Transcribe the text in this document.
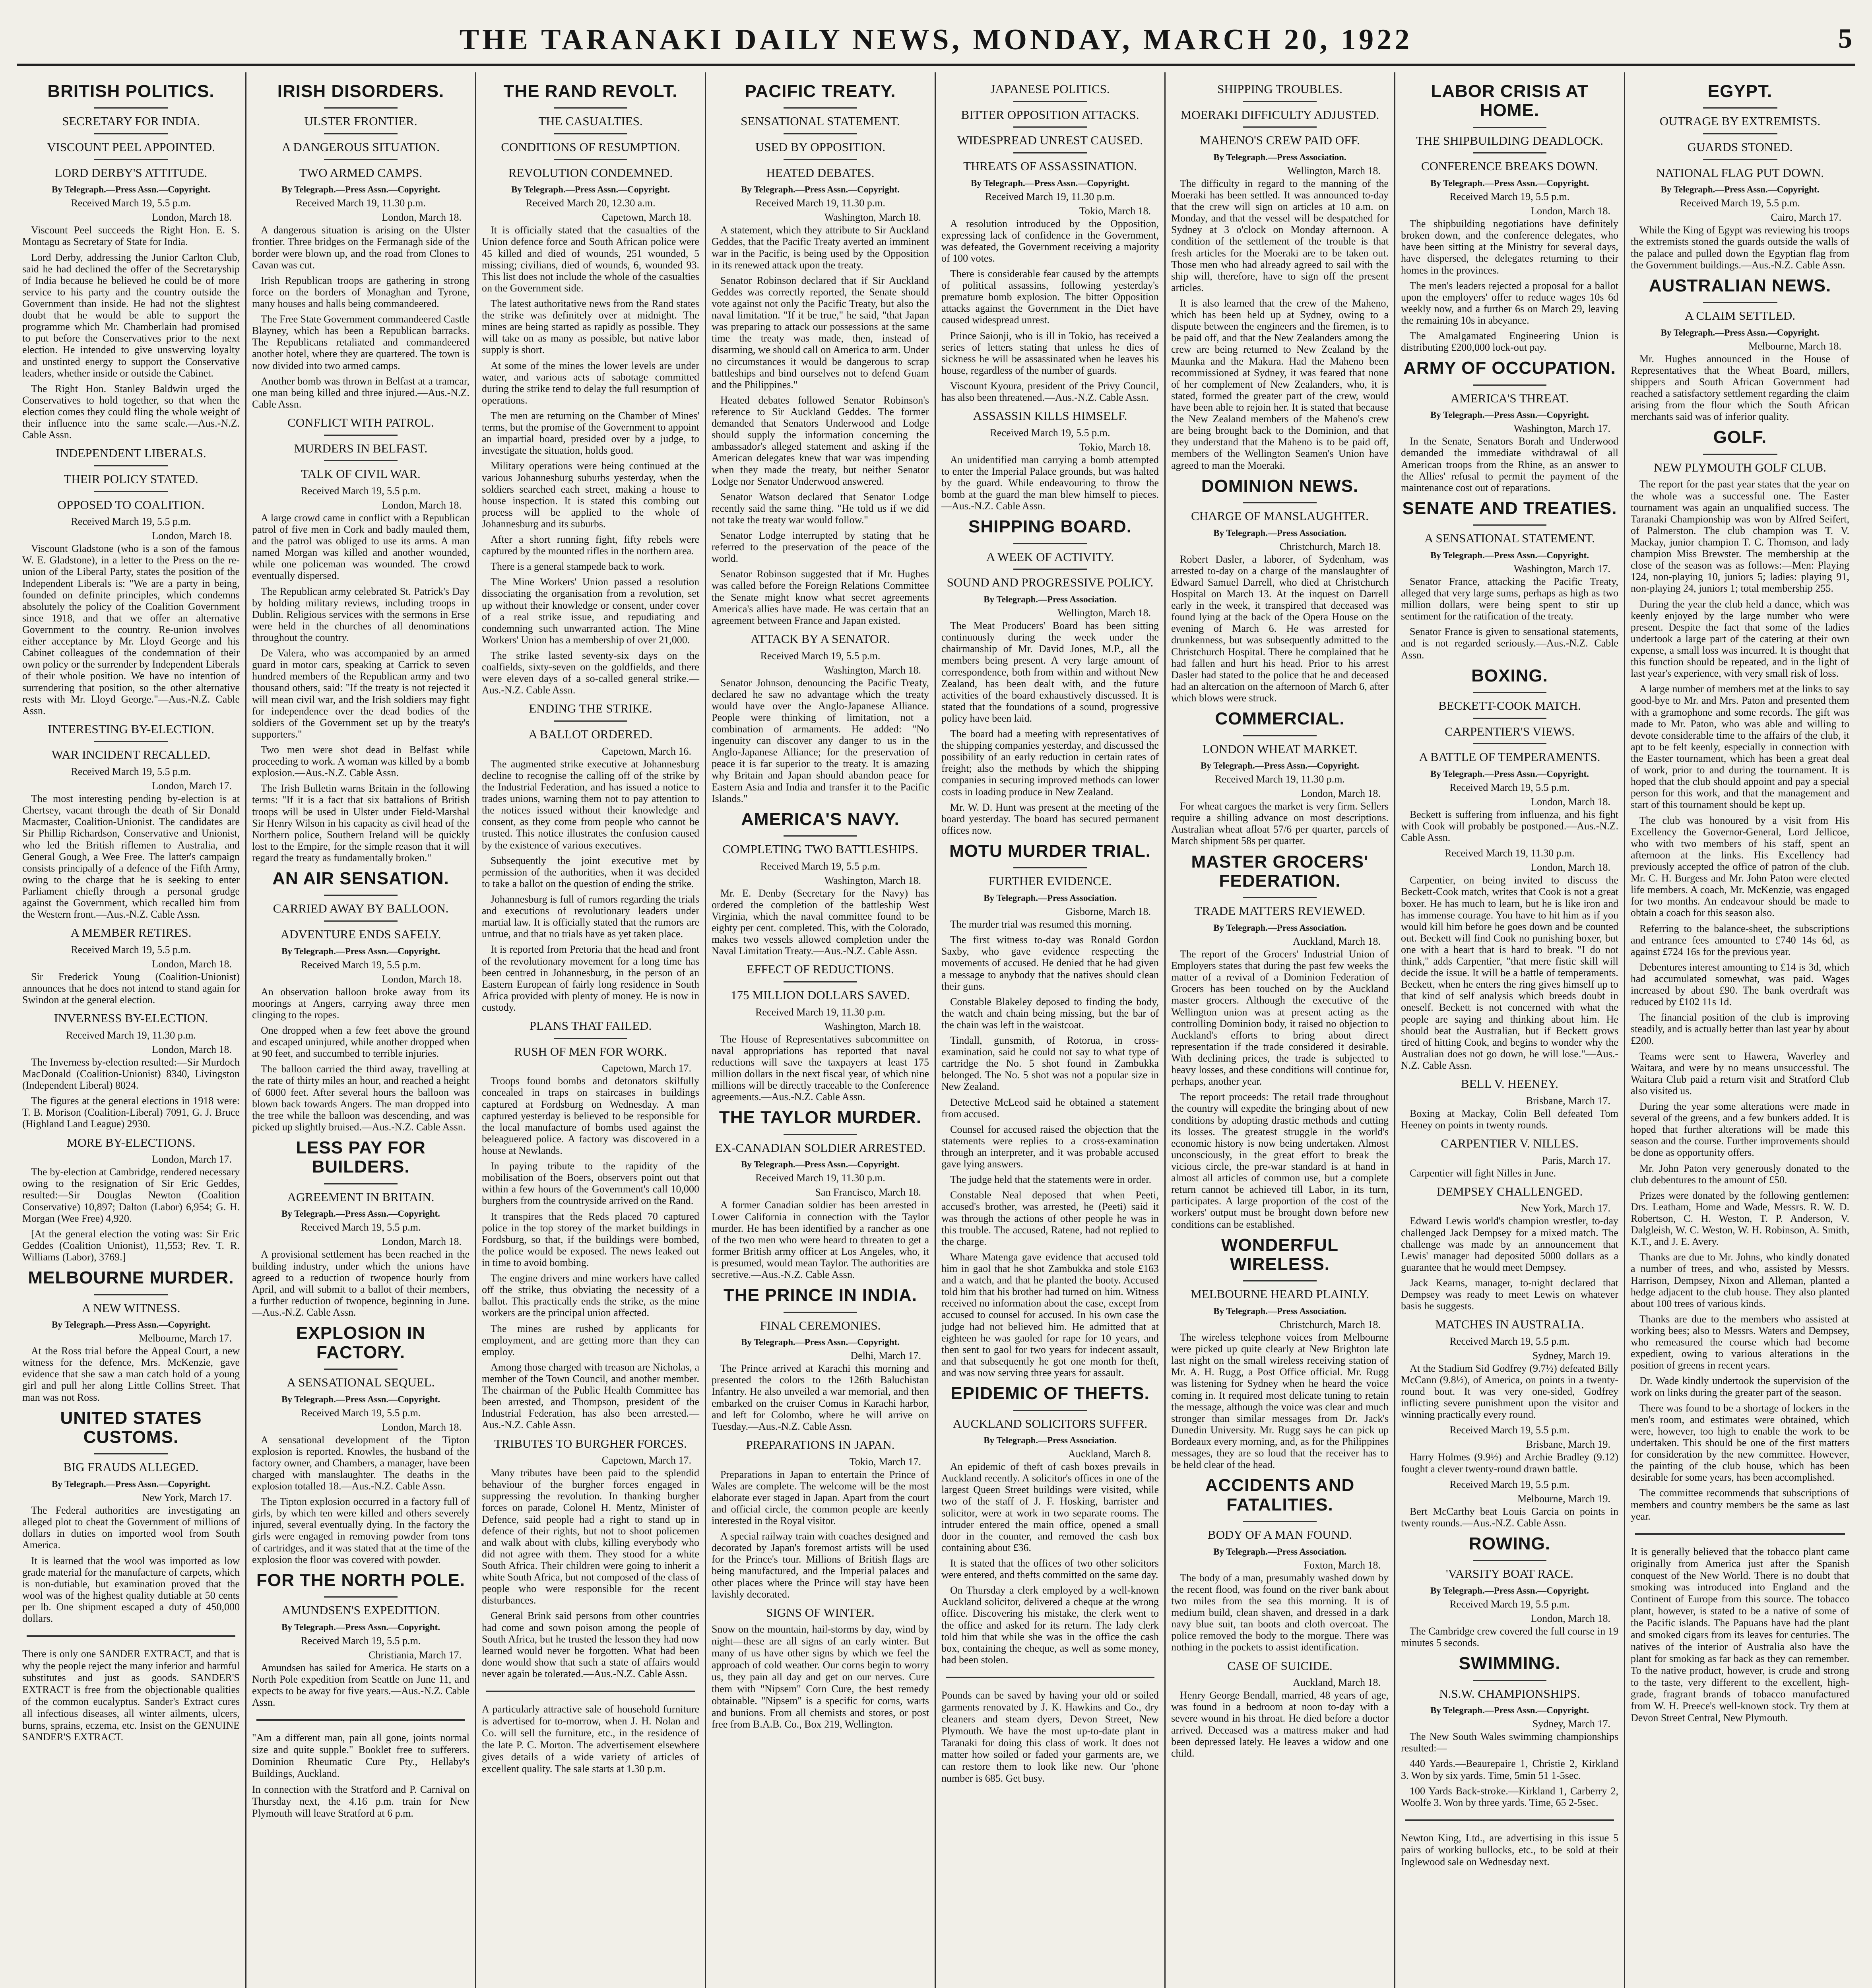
THE TARANAKI DAILY NEWS, MONDAY, MARCH 20, 1922	5
BRITISH POLITICS.
SECRETARY FOR INDIA.
VISCOUNT PEEL APPOINTED.
LORD DERBY'S ATTITUDE.
By Telegraph.—Press Assn.—Copyright.
Received March 19, 5.5 p.m.
London, March 18.

Viscount Peel succeeds the Right Hon. E. S. Montagu as Secretary of State for India.

Lord Derby, addressing the Junior Carlton Club, said he had declined the offer of the Secretaryship of India because he believed he could be of more service to his party and the country outside the Government than inside. He had not the slightest doubt that he would be able to support the programme which Mr. Chamberlain had promised to put before the Conservatives prior to the next election. He intended to give unswerving loyalty and unstinted energy to support the Conservative leaders, whether inside or outside the Cabinet.

The Right Hon. Stanley Baldwin urged the Conservatives to hold together, so that when the election comes they could fling the whole weight of their influence into the same scale.—Aus.-N.Z. Cable Assn.

INDEPENDENT LIBERALS.
THEIR POLICY STATED.
OPPOSED TO COALITION.
Received March 19, 5.5 p.m.
London, March 18.

Viscount Gladstone (who is a son of the famous W. E. Gladstone), in a letter to the Press on the re-union of the Liberal Party, states the position of the Independent Liberals is: "We are a party in being, founded on definite principles, which condemns absolutely the policy of the Coalition Government since 1918, and that we offer an alternative Government to the country. Re-union involves either acceptance by Mr. Lloyd George and his Cabinet colleagues of the condemnation of their own policy or the surrender by Independent Liberals of their whole position. We have no intention of surrendering that position, so the other alternative rests with Mr. Lloyd George."—Aus.-N.Z. Cable Assn.

INTERESTING BY-ELECTION.
WAR INCIDENT RECALLED.
Received March 19, 5.5 p.m.
London, March 17.

The most interesting pending by-election is at Chertsey, vacant through the death of Sir Donald Macmaster, Coalition-Unionist. The candidates are Sir Phillip Richardson, Conservative and Unionist, who led the British riflemen to Australia, and General Gough, a Wee Free. The latter's campaign consists principally of a defence of the Fifth Army, owing to the charge that he is seeking to enter Parliament chiefly through a personal grudge against the Government, which recalled him from the Western front.—Aus.-N.Z. Cable Assn.

A MEMBER RETIRES.
Received March 19, 5.5 p.m.
London, March 18.

Sir Frederick Young (Coalition-Unionist) announces that he does not intend to stand again for Swindon at the general election.

INVERNESS BY-ELECTION.
Received March 19, 11.30 p.m.
London, March 18.

The Inverness by-election resulted:—Sir Murdoch MacDonald (Coalition-Unionist) 8340, Livingston (Independent Liberal) 8024.

The figures at the general elections in 1918 were: T. B. Morison (Coalition-Liberal) 7091, G. J. Bruce (Highland Land League) 2930.

MORE BY-ELECTIONS.
London, March 17.

The by-election at Cambridge, rendered necessary owing to the resignation of Sir Eric Geddes, resulted:—Sir Douglas Newton (Coalition Conservative) 10,897; Dalton (Labor) 6,954; G. H. Morgan (Wee Free) 4,920.

[At the general election the voting was: Sir Eric Geddes (Coalition Unionist), 11,553; Rev. T. R. Williams (Labor), 3769.]

MELBOURNE MURDER.
A NEW WITNESS.
By Telegraph.—Press Assn.—Copyright.
Melbourne, March 17.

At the Ross trial before the Appeal Court, a new witness for the defence, Mrs. McKenzie, gave evidence that she saw a man catch hold of a young girl and pull her along Little Collins Street. That man was not Ross.

UNITED STATES CUSTOMS.
BIG FRAUDS ALLEGED.
By Telegraph.—Press Assn.—Copyright.
New York, March 17.

The Federal authorities are investigating an alleged plot to cheat the Government of millions of dollars in duties on imported wool from South America.

It is learned that the wool was imported as low grade material for the manufacture of carpets, which is non-dutiable, but examination proved that the wool was of the highest quality dutiable at 50 cents per lb. One shipment escaped a duty of 450,000 dollars.

There is only one SANDER EXTRACT, and that is why the people reject the many inferior and harmful substitutes and just as goods. SANDER'S EXTRACT is free from the objectionable qualities of the common eucalyptus. Sander's Extract cures all infectious diseases, all winter ailments, ulcers, burns, sprains, eczema, etc. Insist on the GENUINE SANDER'S EXTRACT.

IRISH DISORDERS.
ULSTER FRONTIER.
A DANGEROUS SITUATION.
TWO ARMED CAMPS.
By Telegraph.—Press Assn.—Copyright.
Received March 19, 11.30 p.m.
London, March 18.

A dangerous situation is arising on the Ulster frontier. Three bridges on the Fermanagh side of the border were blown up, and the road from Clones to Cavan was cut.

Irish Republican troops are gathering in strong force on the borders of Monaghan and Tyrone, many houses and halls being commandeered.

The Free State Government commandeered Castle Blayney, which has been a Republican barracks. The Republicans retaliated and commandeered another hotel, where they are quartered. The town is now divided into two armed camps.

Another bomb was thrown in Belfast at a tramcar, one man being killed and three injured.—Aus.-N.Z. Cable Assn.

CONFLICT WITH PATROL.
MURDERS IN BELFAST.
TALK OF CIVIL WAR.
Received March 19, 5.5 p.m.
London, March 18.

A large crowd came in conflict with a Republican patrol of five men in Cork and badly mauled them, and the patrol was obliged to use its arms. A man named Morgan was killed and another wounded, while one policeman was wounded. The crowd eventually dispersed.

The Republican army celebrated St. Patrick's Day by holding military reviews, including troops in Dublin. Religious services with the sermons in Erse were held in the churches of all denominations throughout the country.

De Valera, who was accompanied by an armed guard in motor cars, speaking at Carrick to seven hundred members of the Republican army and two thousand others, said: "If the treaty is not rejected it will mean civil war, and the Irish soldiers may fight for independence over the dead bodies of the soldiers of the Government set up by the treaty's supporters."

Two men were shot dead in Belfast while proceeding to work. A woman was killed by a bomb explosion.—Aus.-N.Z. Cable Assn.

The Irish Bulletin warns Britain in the following terms: "If it is a fact that six battalions of British troops will be used in Ulster under Field-Marshal Sir Henry Wilson in his capacity as civil head of the Northern police, Southern Ireland will be quickly lost to the Empire, for the simple reason that it will regard the treaty as fundamentally broken."

AN AIR SENSATION.
CARRIED AWAY BY BALLOON.
ADVENTURE ENDS SAFELY.
By Telegraph.—Press Assn.—Copyright.
Received March 19, 5.5 p.m.
London, March 18.

An observation balloon broke away from its moorings at Angers, carrying away three men clinging to the ropes.

One dropped when a few feet above the ground and escaped uninjured, while another dropped when at 90 feet, and succumbed to terrible injuries.

The balloon carried the third away, travelling at the rate of thirty miles an hour, and reached a height of 6000 feet. After several hours the balloon was blown back towards Angers. The man dropped into the tree while the balloon was descending, and was picked up slightly bruised.—Aus.-N.Z. Cable Assn.

LESS PAY FOR BUILDERS.
AGREEMENT IN BRITAIN.
By Telegraph.—Press Assn.—Copyright.
Received March 19, 5.5 p.m.
London, March 18.

A provisional settlement has been reached in the building industry, under which the unions have agreed to a reduction of twopence hourly from April, and will submit to a ballot of their members, a further reduction of twopence, beginning in June.—Aus.-N.Z. Cable Assn.

EXPLOSION IN FACTORY.
A SENSATIONAL SEQUEL.
By Telegraph.—Press Assn.—Copyright.
Received March 19, 5.5 p.m.
London, March 18.

A sensational development of the Tipton explosion is reported. Knowles, the husband of the factory owner, and Chambers, a manager, have been charged with manslaughter. The deaths in the explosion totalled 18.—Aus.-N.Z. Cable Assn.

The Tipton explosion occurred in a factory full of girls, by which ten were killed and others severely injured, several eventually dying. In the factory the girls were engaged in removing powder from tons of cartridges, and it was stated that at the time of the explosion the floor was covered with powder.

FOR THE NORTH POLE.
AMUNDSEN'S EXPEDITION.
By Telegraph.—Press Assn.—Copyright.
Received March 19, 5.5 p.m.
Christiania, March 17.

Amundsen has sailed for America. He starts on a North Pole expedition from Seattle on June 11, and expects to be away for five years.—Aus.-N.Z. Cable Assn.

"Am a different man, pain all gone, joints normal size and quite supple." Booklet free to sufferers. Dominion Rheumatic Cure Pty., Hellaby's Buildings, Auckland.

In connection with the Stratford and P. Carnival on Thursday next, the 4.16 p.m. train for New Plymouth will leave Stratford at 6 p.m.

THE RAND REVOLT.
THE CASUALTIES.
CONDITIONS OF RESUMPTION.
REVOLUTION CONDEMNED.
By Telegraph.—Press Assn.—Copyright.
Received March 20, 12.30 a.m.
Capetown, March 18.

It is officially stated that the casualties of the Union defence force and South African police were 45 killed and died of wounds, 251 wounded, 5 missing; civilians, died of wounds, 6, wounded 93. This list does not include the whole of the casualties on the Government side.

The latest authoritative news from the Rand states the strike was definitely over at midnight. The mines are being started as rapidly as possible. They will take on as many as possible, but native labor supply is short.

At some of the mines the lower levels are under water, and various acts of sabotage committed during the strike tend to delay the full resumption of operations.

The men are returning on the Chamber of Mines' terms, but the promise of the Government to appoint an impartial board, presided over by a judge, to investigate the situation, holds good.

Military operations were being continued at the various Johannesburg suburbs yesterday, when the soldiers searched each street, making a house to house inspection. It is stated this combing out process will be applied to the whole of Johannesburg and its suburbs.

After a short running fight, fifty rebels were captured by the mounted rifles in the northern area.

There is a general stampede back to work.

The Mine Workers' Union passed a resolution dissociating the organisation from a revolution, set up without their knowledge or consent, under cover of a real strike issue, and repudiating and condemning such unwarranted action. The Mine Workers' Union has a membership of over 21,000.

The strike lasted seventy-six days on the coalfields, sixty-seven on the goldfields, and there were eleven days of a so-called general strike.—Aus.-N.Z. Cable Assn.

ENDING THE STRIKE.
A BALLOT ORDERED.
Capetown, March 16.

The augmented strike executive at Johannesburg decline to recognise the calling off of the strike by the Industrial Federation, and has issued a notice to trades unions, warning them not to pay attention to the notices issued without their knowledge and consent, as they come from people who cannot be trusted. This notice illustrates the confusion caused by the existence of various executives.

Subsequently the joint executive met by permission of the authorities, when it was decided to take a ballot on the question of ending the strike.

Johannesburg is full of rumors regarding the trials and executions of revolutionary leaders under martial law. It is officially stated that the rumors are untrue, and that no trials have as yet taken place.

It is reported from Pretoria that the head and front of the revolutionary movement for a long time has been centred in Johannesburg, in the person of an Eastern European of fairly long residence in South Africa provided with plenty of money. He is now in custody.

PLANS THAT FAILED.
RUSH OF MEN FOR WORK.
Capetown, March 17.

Troops found bombs and detonators skilfully concealed in traps on staircases in buildings captured at Fordsburg on Wednesday. A man captured yesterday is believed to be responsible for the local manufacture of bombs used against the beleaguered police. A factory was discovered in a house at Newlands.

In paying tribute to the rapidity of the mobilisation of the Boers, observers point out that within a few hours of the Government's call 10,000 burghers from the countryside arrived on the Rand.

It transpires that the Reds placed 70 captured police in the top storey of the market buildings in Fordsburg, so that, if the buildings were bombed, the police would be exposed. The news leaked out in time to avoid bombing.

The engine drivers and mine workers have called off the strike, thus obviating the necessity of a ballot. This practically ends the strike, as the mine workers are the principal union affected.

The mines are rushed by applicants for employment, and are getting more than they can employ.

Among those charged with treason are Nicholas, a member of the Town Council, and another member. The chairman of the Public Health Committee has been arrested, and Thompson, president of the Industrial Federation, has also been arrested.—Aus.-N.Z. Cable Assn.

TRIBUTES TO BURGHER FORCES.
Capetown, March 17.

Many tributes have been paid to the splendid behaviour of the burgher forces engaged in suppressing the revolution. In thanking burgher forces on parade, Colonel H. Mentz, Minister of Defence, said people had a right to stand up in defence of their rights, but not to shoot policemen and walk about with clubs, killing everybody who did not agree with them. They stood for a white South Africa. Their children were going to inherit a white South Africa, but not composed of the class of people who were responsible for the recent disturbances.

General Brink said persons from other countries had come and sown poison among the people of South Africa, but he trusted the lesson they had now learned would never be forgotten. What had been done would show that such a state of affairs would never again be tolerated.—Aus.-N.Z. Cable Assn.

A particularly attractive sale of household furniture is advertised for to-morrow, when J. H. Nolan and Co. will sell the furniture, etc., in the residence of the late P. C. Morton. The advertisement elsewhere gives details of a wide variety of articles of excellent quality. The sale starts at 1.30 p.m.

PACIFIC TREATY.
SENSATIONAL STATEMENT.
USED BY OPPOSITION.
HEATED DEBATES.
By Telegraph.—Press Assn.—Copyright.
Received March 19, 11.30 p.m.
Washington, March 18.

A statement, which they attribute to Sir Auckland Geddes, that the Pacific Treaty averted an imminent war in the Pacific, is being used by the Opposition in its renewed attack upon the treaty.

Senator Robinson declared that if Sir Auckland Geddes was correctly reported, the Senate should vote against not only the Pacific Treaty, but also the naval limitation. "If it be true," he said, "that Japan was preparing to attack our possessions at the same time the treaty was made, then, instead of disarming, we should call on America to arm. Under no circumstances it would be dangerous to scrap battleships and bind ourselves not to defend Guam and the Philippines."

Heated debates followed Senator Robinson's reference to Sir Auckland Geddes. The former demanded that Senators Underwood and Lodge should supply the information concerning the ambassador's alleged statement and asking if the American delegates knew that war was impending when they made the treaty, but neither Senator Lodge nor Senator Underwood answered.

Senator Watson declared that Senator Lodge recently said the same thing. "He told us if we did not take the treaty war would follow."

Senator Lodge interrupted by stating that he referred to the preservation of the peace of the world.

Senator Robinson suggested that if Mr. Hughes was called before the Foreign Relations Committee the Senate might know what secret agreements America's allies have made. He was certain that an agreement between France and Japan existed.

ATTACK BY A SENATOR.
Received March 19, 5.5 p.m.
Washington, March 18.

Senator Johnson, denouncing the Pacific Treaty, declared he saw no advantage which the treaty would have over the Anglo-Japanese Alliance. People were thinking of limitation, not a combination of armaments. He added: "No ingenuity can discover any danger to us in the Anglo-Japanese Alliance; for the preservation of peace it is far superior to the treaty. It is amazing why Britain and Japan should abandon peace for Eastern Asia and India and transfer it to the Pacific Islands."

AMERICA'S NAVY.
COMPLETING TWO BATTLESHIPS.
Received March 19, 5.5 p.m.
Washington, March 18.

Mr. E. Denby (Secretary for the Navy) has ordered the completion of the battleship West Virginia, which the naval committee found to be eighty per cent. completed. This, with the Colorado, makes two vessels allowed completion under the Naval Limitation Treaty.—Aus.-N.Z. Cable Assn.

EFFECT OF REDUCTIONS.
175 MILLION DOLLARS SAVED.
Received March 19, 11.30 p.m.
Washington, March 18.

The House of Representatives subcommittee on naval appropriations has reported that naval reductions will save the taxpayers at least 175 million dollars in the next fiscal year, of which nine millions will be directly traceable to the Conference agreements.—Aus.-N.Z. Cable Assn.

THE TAYLOR MURDER.
EX-CANADIAN SOLDIER ARRESTED.
By Telegraph.—Press Assn.—Copyright.
Received March 19, 11.30 p.m.
San Francisco, March 18.

A former Canadian soldier has been arrested in Lower California in connection with the Taylor murder. He has been identified by a rancher as one of the two men who were heard to threaten to get a former British army officer at Los Angeles, who, it is presumed, would mean Taylor. The authorities are secretive.—Aus.-N.Z. Cable Assn.

THE PRINCE IN INDIA.
FINAL CEREMONIES.
By Telegraph.—Press Assn.—Copyright.
Delhi, March 17.

The Prince arrived at Karachi this morning and presented the colors to the 126th Baluchistan Infantry. He also unveiled a war memorial, and then embarked on the cruiser Comus in Karachi harbor, and left for Colombo, where he will arrive on Tuesday.—Aus.-N.Z. Cable Assn.

PREPARATIONS IN JAPAN.
Tokio, March 17.

Preparations in Japan to entertain the Prince of Wales are complete. The welcome will be the most elaborate ever staged in Japan. Apart from the court and official circle, the common people are keenly interested in the Royal visitor.

A special railway train with coaches designed and decorated by Japan's foremost artists will be used for the Prince's tour. Millions of British flags are being manufactured, and the Imperial palaces and other places where the Prince will stay have been lavishly decorated.

SIGNS OF WINTER.

Snow on the mountain, hail-storms by day, wind by night—these are all signs of an early winter. But many of us have other signs by which we feel the approach of cold weather. Our corns begin to worry us, they pain all day and get on our nerves. Cure them with "Nipsem" Corn Cure, the best remedy obtainable. "Nipsem" is a specific for corns, warts and bunions. From all chemists and stores, or post free from B.A.B. Co., Box 219, Wellington.

JAPANESE POLITICS.
BITTER OPPOSITION ATTACKS.
WIDESPREAD UNREST CAUSED.
THREATS OF ASSASSINATION.
By Telegraph.—Press Assn.—Copyright.
Received March 19, 11.30 p.m.
Tokio, March 18.

A resolution introduced by the Opposition, expressing lack of confidence in the Government, was defeated, the Government receiving a majority of 100 votes.

There is considerable fear caused by the attempts of political assassins, following yesterday's premature bomb explosion. The bitter Opposition attacks against the Government in the Diet have caused widespread unrest.

Prince Saionji, who is ill in Tokio, has received a series of letters stating that unless he dies of sickness he will be assassinated when he leaves his house, regardless of the number of guards.

Viscount Kyoura, president of the Privy Council, has also been threatened.—Aus.-N.Z. Cable Assn.

ASSASSIN KILLS HIMSELF.
Received March 19, 5.5 p.m.
Tokio, March 18.

An unidentified man carrying a bomb attempted to enter the Imperial Palace grounds, but was halted by the guard. While endeavouring to throw the bomb at the guard the man blew himself to pieces.—Aus.-N.Z. Cable Assn.

SHIPPING BOARD.
A WEEK OF ACTIVITY.
SOUND AND PROGRESSIVE POLICY.
By Telegraph.—Press Association.
Wellington, March 18.

The Meat Producers' Board has been sitting continuously during the week under the chairmanship of Mr. David Jones, M.P., all the members being present. A very large amount of correspondence, both from within and without New Zealand, has been dealt with, and the future activities of the board exhaustively discussed. It is stated that the foundations of a sound, progressive policy have been laid.

The board had a meeting with representatives of the shipping companies yesterday, and discussed the possibility of an early reduction in certain rates of freight; also the methods by which the shipping companies in securing improved methods can lower costs in loading produce in New Zealand.

Mr. W. D. Hunt was present at the meeting of the board yesterday. The board has secured permanent offices now.

MOTU MURDER TRIAL.
FURTHER EVIDENCE.
By Telegraph.—Press Association.
Gisborne, March 18.

The murder trial was resumed this morning.

The first witness to-day was Ronald Gordon Saxby, who gave evidence respecting the movements of accused. He denied that he had given a message to anybody that the natives should clean their guns.

Constable Blakeley deposed to finding the body, the watch and chain being missing, but the bar of the chain was left in the waistcoat.

Tindall, gunsmith, of Rotorua, in cross-examination, said he could not say to what type of cartridge the No. 5 shot found in Zambukka belonged. The No. 5 shot was not a popular size in New Zealand.

Detective McLeod said he obtained a statement from accused.

Counsel for accused raised the objection that the statements were replies to a cross-examination through an interpreter, and it was probable accused gave lying answers.

The judge held that the statements were in order.

Constable Neal deposed that when Peeti, accused's brother, was arrested, he (Peeti) said it was through the actions of other people he was in this trouble. The accused, Ratene, had not replied to the charge.

Whare Matenga gave evidence that accused told him in gaol that he shot Zambukka and stole £163 and a watch, and that he planted the booty. Accused told him that his brother had turned on him. Witness received no information about the case, except from accused to counsel for accused. In his own case the judge had not believed him. He admitted that at eighteen he was gaoled for rape for 10 years, and then sent to gaol for two years for indecent assault, and that subsequently he got one month for theft, and was now serving three years for assault.

EPIDEMIC OF THEFTS.
AUCKLAND SOLICITORS SUFFER.
By Telegraph.—Press Association.
Auckland, March 8.

An epidemic of theft of cash boxes prevails in Auckland recently. A solicitor's offices in one of the largest Queen Street buildings were visited, while two of the staff of J. F. Hosking, barrister and solicitor, were at work in two separate rooms. The intruder entered the main office, opened a small door in the counter, and removed the cash box containing about £36.

It is stated that the offices of two other solicitors were entered, and thefts committed on the same day.

On Thursday a clerk employed by a well-known Auckland solicitor, delivered a cheque at the wrong office. Discovering his mistake, the clerk went to the office and asked for its return. The lady clerk told him that while she was in the office the cash box, containing the cheque, as well as some money, had been stolen.

Pounds can be saved by having your old or soiled garments renovated by J. K. Hawkins and Co., dry cleaners and steam dyers, Devon Street, New Plymouth. We have the most up-to-date plant in Taranaki for doing this class of work. It does not matter how soiled or faded your garments are, we can restore them to look like new. Our 'phone number is 685. Get busy.

SHIPPING TROUBLES.
MOERAKI DIFFICULTY ADJUSTED.
MAHENO'S CREW PAID OFF.
By Telegraph.—Press Association.
Wellington, March 18.

The difficulty in regard to the manning of the Moeraki has been settled. It was announced to-day that the crew will sign on articles at 10 a.m. on Monday, and that the vessel will be despatched for Sydney at 3 o'clock on Monday afternoon. A condition of the settlement of the trouble is that fresh articles for the Moeraki are to be taken out. Those men who had already agreed to sail with the ship will, therefore, have to sign off the present articles.

It is also learned that the crew of the Maheno, which has been held up at Sydney, owing to a dispute between the engineers and the firemen, is to be paid off, and that the New Zealanders among the crew are being returned to New Zealand by the Maunka and the Makura. Had the Maheno been recommissioned at Sydney, it was feared that none of her complement of New Zealanders, who, it is stated, formed the greater part of the crew, would have been able to rejoin her. It is stated that because the New Zealand members of the Maheno's crew are being brought back to the Dominion, and that they understand that the Maheno is to be paid off, members of the Wellington Seamen's Union have agreed to man the Moeraki.

DOMINION NEWS.
CHARGE OF MANSLAUGHTER.
By Telegraph.—Press Association.
Christchurch, March 18.

Robert Dasler, a laborer, of Sydenham, was arrested to-day on a charge of the manslaughter of Edward Samuel Darrell, who died at Christchurch Hospital on March 13. At the inquest on Darrell early in the week, it transpired that deceased was found lying at the back of the Opera House on the evening of March 6. He was arrested for drunkenness, but was subsequently admitted to the Christchurch Hospital. There he complained that he had fallen and hurt his head. Prior to his arrest Dasler had stated to the police that he and deceased had an altercation on the afternoon of March 6, after which blows were struck.

COMMERCIAL.
LONDON WHEAT MARKET.
By Telegraph.—Press Assn.—Copyright.
Received March 19, 11.30 p.m.
London, March 18.

For wheat cargoes the market is very firm. Sellers require a shilling advance on most descriptions. Australian wheat afloat 57/6 per quarter, parcels of March shipment 58s per quarter.

MASTER GROCERS' FEDERATION.
TRADE MATTERS REVIEWED.
By Telegraph.—Press Association.
Auckland, March 18.

The report of the Grocers' Industrial Union of Employers states that during the past few weeks the matter of a revival of a Dominion Federation of Grocers has been touched on by the Auckland master grocers. Although the executive of the Wellington union was at present acting as the controlling Dominion body, it raised no objection to Auckland's efforts to bring about direct representation if the trade considered it desirable. With declining prices, the trade is subjected to heavy losses, and these conditions will continue for, perhaps, another year.

The report proceeds: The retail trade throughout the country will expedite the bringing about of new conditions by adopting drastic methods and cutting its losses. The greatest struggle in the world's economic history is now being undertaken. Almost unconsciously, in the great effort to break the vicious circle, the pre-war standard is at hand in almost all articles of common use, but a complete return cannot be achieved till Labor, in its turn, participates. A large proportion of the cost of the workers' output must be brought down before new conditions can be established.

WONDERFUL WIRELESS.
MELBOURNE HEARD PLAINLY.
By Telegraph.—Press Association.
Christchurch, March 18.

The wireless telephone voices from Melbourne were picked up quite clearly at New Brighton late last night on the small wireless receiving station of Mr. A. H. Rugg, a Post Office official. Mr. Rugg was listening for Sydney when he heard the voice coming in. It required most delicate tuning to retain the message, although the voice was clear and much stronger than similar messages from Dr. Jack's Dunedin University. Mr. Rugg says he can pick up Bordeaux every morning, and, as for the Philippines messages, they are so loud that the receiver has to be held clear of the head.

ACCIDENTS AND FATALITIES.
BODY OF A MAN FOUND.
By Telegraph.—Press Association.
Foxton, March 18.

The body of a man, presumably washed down by the recent flood, was found on the river bank about two miles from the sea this morning. It is of medium build, clean shaven, and dressed in a dark navy blue suit, tan boots and cloth overcoat. The police removed the body to the morgue. There was nothing in the pockets to assist identification.

CASE OF SUICIDE.
Auckland, March 18.

Henry George Bendall, married, 48 years of age, was found in a bedroom at noon to-day with a severe wound in his throat. He died before a doctor arrived. Deceased was a mattress maker and had been depressed lately. He leaves a widow and one child.

LABOR CRISIS AT HOME.
THE SHIPBUILDING DEADLOCK.
CONFERENCE BREAKS DOWN.
By Telegraph.—Press Assn.—Copyright.
Received March 19, 5.5 p.m.
London, March 18.

The shipbuilding negotiations have definitely broken down, and the conference delegates, who have been sitting at the Ministry for several days, have dispersed, the delegates returning to their homes in the provinces.

The men's leaders rejected a proposal for a ballot upon the employers' offer to reduce wages 10s 6d weekly now, and a further 6s on March 29, leaving the remaining 10s in abeyance.

The Amalgamated Engineering Union is distributing £200,000 lock-out pay.

ARMY OF OCCUPATION.
AMERICA'S THREAT.
By Telegraph.—Press Assn.—Copyright.
Washington, March 17.

In the Senate, Senators Borah and Underwood demanded the immediate withdrawal of all American troops from the Rhine, as an answer to the Allies' refusal to permit the payment of the maintenance cost out of reparations.

SENATE AND TREATIES.
A SENSATIONAL STATEMENT.
By Telegraph.—Press Assn.—Copyright.
Washington, March 17.

Senator France, attacking the Pacific Treaty, alleged that very large sums, perhaps as high as two million dollars, were being spent to stir up sentiment for the ratification of the treaty.

Senator France is given to sensational statements, and is not regarded seriously.—Aus.-N.Z. Cable Assn.

BOXING.
BECKETT-COOK MATCH.
CARPENTIER'S VIEWS.
A BATTLE OF TEMPERAMENTS.
By Telegraph.—Press Assn.—Copyright.
Received March 19, 5.5 p.m.
London, March 18.

Beckett is suffering from influenza, and his fight with Cook will probably be postponed.—Aus.-N.Z. Cable Assn.

Received March 19, 11.30 p.m.
London, March 18.

Carpentier, on being invited to discuss the Beckett-Cook match, writes that Cook is not a great boxer. He has much to learn, but he is like iron and has immense courage. You have to hit him as if you would kill him before he goes down and be counted out. Beckett will find Cook no punishing boxer, but one with a heart that is hard to break. "I do not think," adds Carpentier, "that mere fistic skill will decide the issue. It will be a battle of temperaments. Beckett, when he enters the ring gives himself up to that kind of self analysis which breeds doubt in oneself. Beckett is not concerned with what the people are saying and thinking about him. He should beat the Australian, but if Beckett grows tired of hitting Cook, and begins to wonder why the Australian does not go down, he will lose."—Aus.-N.Z. Cable Assn.

BELL V. HEENEY.
Brisbane, March 17.

Boxing at Mackay, Colin Bell defeated Tom Heeney on points in twenty rounds.

CARPENTIER V. NILLES.
Paris, March 17.

Carpentier will fight Nilles in June.

DEMPSEY CHALLENGED.
New York, March 17.

Edward Lewis world's champion wrestler, to-day challenged Jack Dempsey for a mixed match. The challenge was made by an announcement that Lewis' manager had deposited 5000 dollars as a guarantee that he would meet Dempsey.

Jack Kearns, manager, to-night declared that Dempsey was ready to meet Lewis on whatever basis he suggests.

MATCHES IN AUSTRALIA.
Received March 19, 5.5 p.m.
Sydney, March 19.

At the Stadium Sid Godfrey (9.7½) defeated Billy McCann (9.8½), of America, on points in a twenty-round bout. It was very one-sided, Godfrey inflicting severe punishment upon the visitor and winning practically every round.

Received March 19, 5.5 p.m.
Brisbane, March 19.

Harry Holmes (9.9½) and Archie Bradley (9.12) fought a clever twenty-round drawn battle.

Received March 19, 5.5 p.m.
Melbourne, March 19.

Bert McCarthy beat Louis Garcia on points in twenty rounds.—Aus.-N.Z. Cable Assn.

ROWING.
'VARSITY BOAT RACE.
By Telegraph.—Press Assn.—Copyright.
Received March 19, 5.5 p.m.
London, March 18.

The Cambridge crew covered the full course in 19 minutes 5 seconds.

SWIMMING.
N.S.W. CHAMPIONSHIPS.
By Telegraph.—Press Assn.—Copyright.
Sydney, March 17.

The New South Wales swimming championships resulted:—

440 Yards.—Beaurepaire 1, Christie 2, Kirkland 3. Won by six yards. Time, 5min 51 1-5sec.

100 Yards Back-stroke.—Kirkland 1, Carberry 2, Woolfe 3. Won by three yards. Time, 65 2-5sec.

Newton King, Ltd., are advertising in this issue 5 pairs of working bullocks, etc., to be sold at their Inglewood sale on Wednesday next.

EGYPT.
OUTRAGE BY EXTREMISTS.
GUARDS STONED.
NATIONAL FLAG PUT DOWN.
By Telegraph.—Press Assn.—Copyright.
Received March 19, 5.5 p.m.
Cairo, March 17.

While the King of Egypt was reviewing his troops the extremists stoned the guards outside the walls of the palace and pulled down the Egyptian flag from the Government buildings.—Aus.-N.Z. Cable Assn.

AUSTRALIAN NEWS.
A CLAIM SETTLED.
By Telegraph.—Press Assn.—Copyright.
Melbourne, March 18.

Mr. Hughes announced in the House of Representatives that the Wheat Board, millers, shippers and South African Government had reached a satisfactory settlement regarding the claim arising from the flour which the South African merchants said was of inferior quality.

GOLF.
NEW PLYMOUTH GOLF CLUB.

The report for the past year states that the year on the whole was a successful one. The Easter tournament was again an unqualified success. The Taranaki Championship was won by Alfred Seifert, of Palmerston. The club champion was T. V. Mackay, junior champion T. C. Thomson, and lady champion Miss Brewster. The membership at the close of the season was as follows:—Men: Playing 124, non-playing 10, juniors 5; ladies: playing 91, non-playing 24, juniors 1; total membership 255.

During the year the club held a dance, which was keenly enjoyed by the large number who were present. Despite the fact that some of the ladies undertook a large part of the catering at their own expense, a small loss was incurred. It is thought that this function should be repeated, and in the light of last year's experience, with very small risk of loss.

A large number of members met at the links to say good-bye to Mr. and Mrs. Paton and presented them with a gramophone and some records. The gift was made to Mr. Paton, who was able and willing to devote considerable time to the affairs of the club, it apt to be felt keenly, especially in connection with the Easter tournament, which has been a great deal of work, prior to and during the tournament. It is hoped that the club should appoint and pay a special person for this work, and that the management and start of this tournament should be kept up.

The club was honoured by a visit from His Excellency the Governor-General, Lord Jellicoe, who with two members of his staff, spent an afternoon at the links. His Excellency had previously accepted the office of patron of the club. Mr. C. H. Burgess and Mr. John Paton were elected life members. A coach, Mr. McKenzie, was engaged for two months. An endeavour should be made to obtain a coach for this season also.

Referring to the balance-sheet, the subscriptions and entrance fees amounted to £740 14s 6d, as against £724 16s for the previous year.

Debentures interest amounting to £14 is 3d, which had accumulated somewhat, was paid. Wages increased by about £90. The bank overdraft was reduced by £102 11s 1d.

The financial position of the club is improving steadily, and is actually better than last year by about £200.

Teams were sent to Hawera, Waverley and Waitara, and were by no means unsuccessful. The Waitara Club paid a return visit and Stratford Club also visited us.

During the year some alterations were made in several of the greens, and a few bunkers added. It is hoped that further alterations will be made this season and the course. Further improvements should be done as opportunity offers.

Mr. John Paton very generously donated to the club debentures to the amount of £50.

Prizes were donated by the following gentlemen: Drs. Leatham, Home and Wade, Messrs. R. W. D. Robertson, C. H. Weston, T. P. Anderson, V. Dalgleish, W. C. Weston, W. H. Robinson, A. Smith, K.T., and J. E. Avery.

Thanks are due to Mr. Johns, who kindly donated a number of trees, and who, assisted by Messrs. Harrison, Dempsey, Nixon and Alleman, planted a hedge adjacent to the club house. They also planted about 100 trees of various kinds.

Thanks are due to the members who assisted at working bees; also to Messrs. Waters and Dempsey, who remeasured the course which had become expedient, owing to various alterations in the position of greens in recent years.

Dr. Wade kindly undertook the supervision of the work on links during the greater part of the season.

There was found to be a shortage of lockers in the men's room, and estimates were obtained, which were, however, too high to enable the work to be undertaken. This should be one of the first matters for consideration by the new committee. However, the painting of the club house, which has been desirable for some years, has been accomplished.

The committee recommends that subscriptions of members and country members be the same as last year.

It is generally believed that the tobacco plant came originally from America just after the Spanish conquest of the New World. There is no doubt that smoking was introduced into England and the Continent of Europe from this source. The tobacco plant, however, is stated to be a native of some of the Pacific islands. The Papuans have had the plant and smoked cigars from its leaves for centuries. The natives of the interior of Australia also have the plant for smoking as far back as they can remember. To the native product, however, is crude and strong to the taste, very different to the excellent, high-grade, fragrant brands of tobacco manufactured from W. H. Preece's well-known stock. Try them at Devon Street Central, New Plymouth.
